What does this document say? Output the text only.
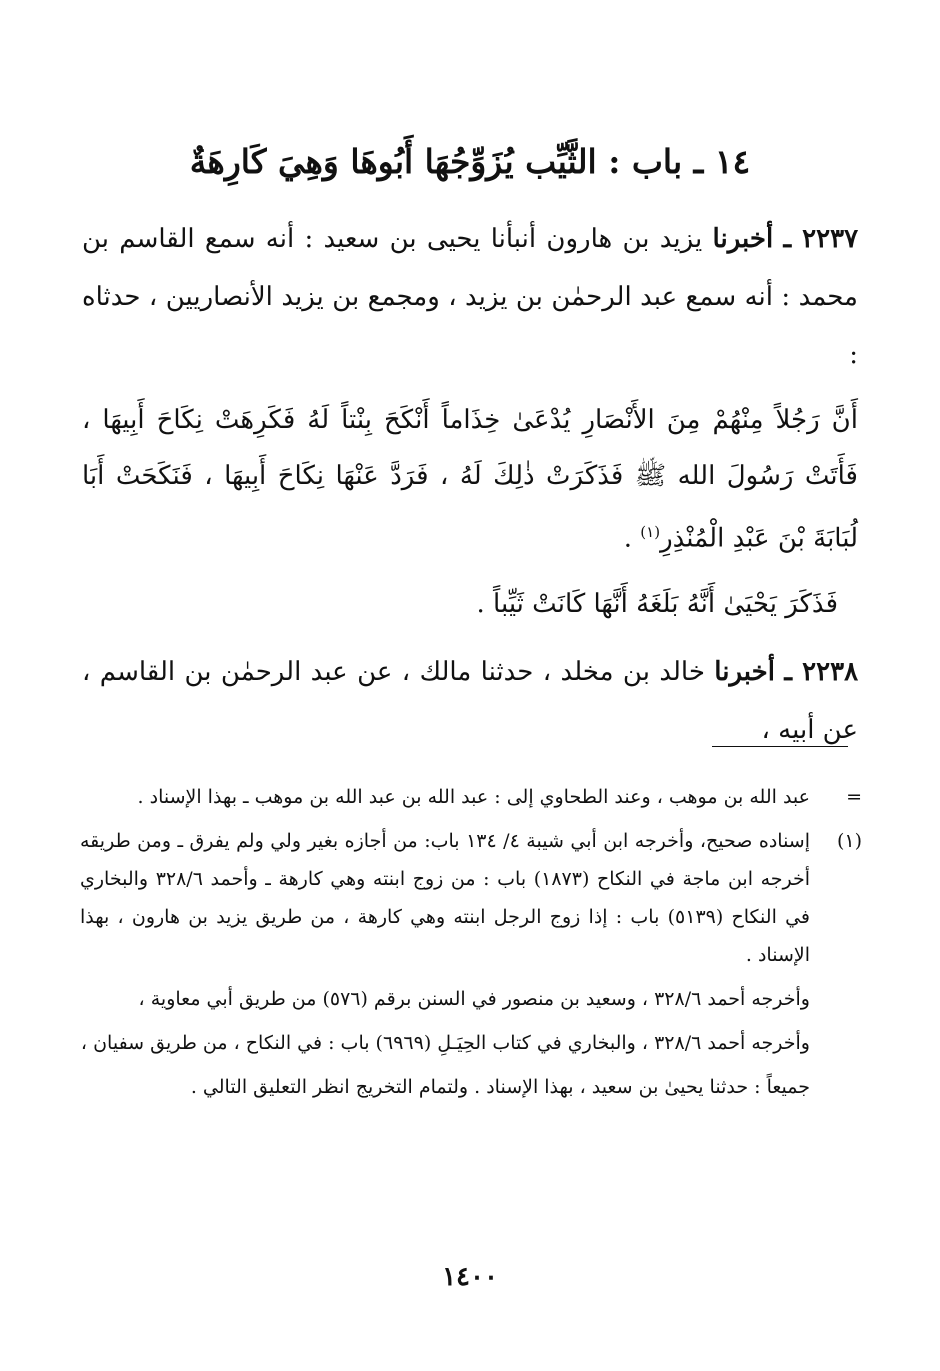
١٤ ـ باب : الثَّيِّب يُزَوِّجُهَا أَبُوهَا وَهِيَ كَارِهَةٌ

٢٢٣٧ ـ أخبرنا يزيد بن هارون أنبأنا يحيى بن سعيد : أنه سمع القاسم بن محمد : أنه سمع عبد الرحمٰن بن يزيد ، ومجمع بن يزيد الأنصاريين ، حدثاه :

أَنَّ رَجُلاً مِنْهُمْ مِنَ الأَنْصَارِ يُدْعَىٰ خِذَاماً أَنْكَحَ بِنْتاً لَهُ فَكَرِهَتْ نِكَاحَ أَبِيهَا ، فَأَتَتْ رَسُولَ الله ﷺ فَذَكَرَتْ ذٰلِكَ لَهُ ، فَرَدَّ عَنْهَا نِكَاحَ أَبِيهَا ، فَنَكَحَتْ أَبَا لُبَابَةَ بْنَ عَبْدِ الْمُنْذِرِ$^{(١)}$ .

فَذَكَرَ يَحْيَىٰ أَنَّهُ بَلَغَهُ أَنَّهَا كَانَتْ ثَيِّباً .

٢٢٣٨ ـ أخبرنا خالد بن مخلد ، حدثنا مالك ، عن عبد الرحمٰن بن القاسم ، عن أبيه ،

=
عبد الله بن موهب ، وعند الطحاوي إلى : عبد الله بن عبد الله بن موهب ـ بهذا الإسناد .
(١)
إسناده صحيح، وأخرجه ابن أبي شيبة ٤/ ١٣٤ باب: من أجازه بغير ولي ولم يفرق ـ ومن طريقه أخرجه ابن ماجة في النكاح (١٨٧٣) باب : من زوج ابنته وهي كارهة ـ وأحمد ٣٢٨/٦ والبخاري في النكاح (٥١٣٩) باب : إذا زوج الرجل ابنته وهي كارهة ، من طريق يزيد بن هارون ، بهذا الإسناد .
وأخرجه أحمد ٣٢٨/٦ ، وسعيد بن منصور في السنن برقم (٥٧٦) من طريق أبي معاوية ،
وأخرجه أحمد ٣٢٨/٦ ، والبخاري في كتاب الحِيَـلِ (٦٩٦٩) باب : في النكاح ، من طريق سفيان ،
جميعاً : حدثنا يحيىٰ بن سعيد ، بهذا الإسناد . ولتمام التخريج انظر التعليق التالي .
١٤٠٠
